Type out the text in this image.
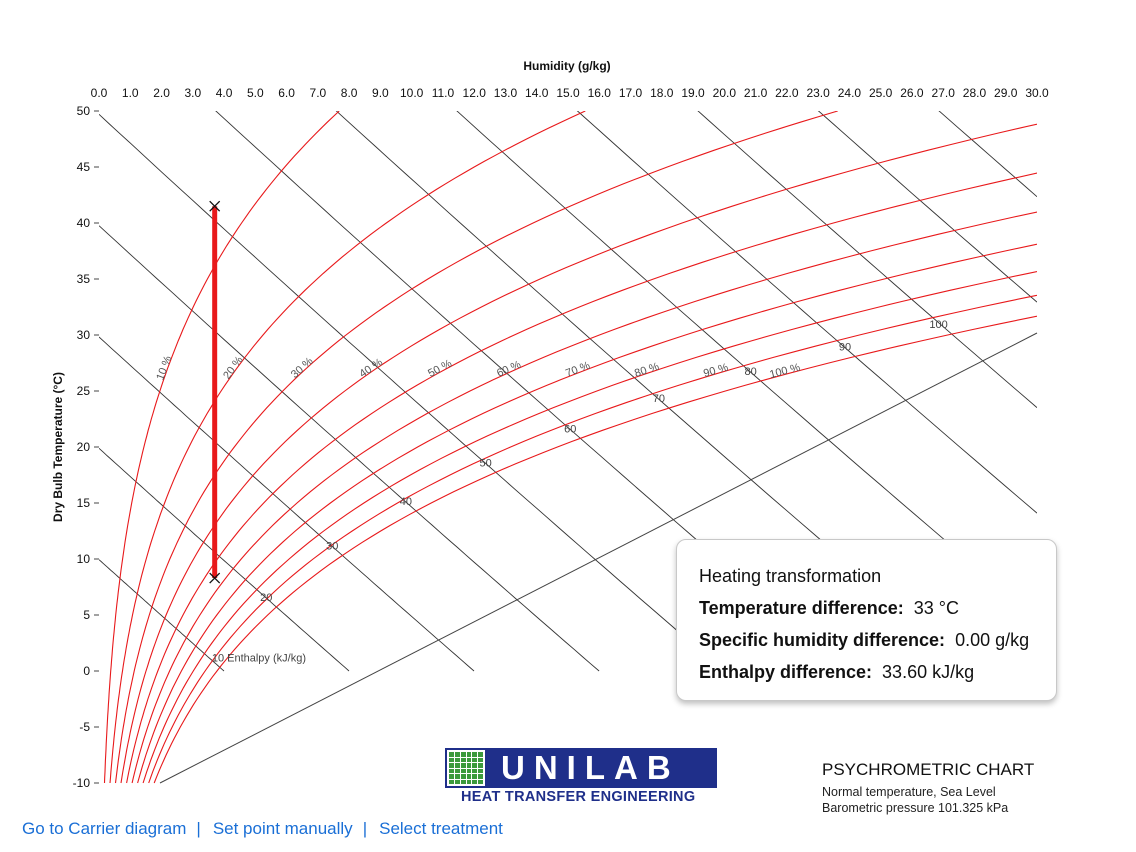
Humidity (g/kg)
Dry Bulb Temperature (°C)
0.0 1.0 2.0 3.0 4.0 5.0 6.0 7.0 8.0 9.0 10.0 11.0 12.0 13.0 14.0 15.0 16.0 17.0 18.0 19.0 20.0 21.0 22.0 23.0 24.0 25.0 26.0 27.0 28.0 29.0 30.0
50
45
40
35
30
25
20
15
10
5
0
-5
-10
10 Enthalpy (kJ/kg)
20
30
40
50
60
70
80
90
100
10 %	20 %	30 %	40 %	50 %	60 %	70 %	80 %	90 %	100 %
Heating transformation
Temperature difference: 33 °C
Specific humidity difference: 0.00 g/kg
Enthalpy difference: 33.60 kJ/kg
UNILAB
HEAT TRANSFER ENGINEERING
PSYCHROMETRIC CHART
Normal temperature, Sea Level
Barometric pressure 101.325 kPa
Go to Carrier diagram | Set point manually | Select treatment
